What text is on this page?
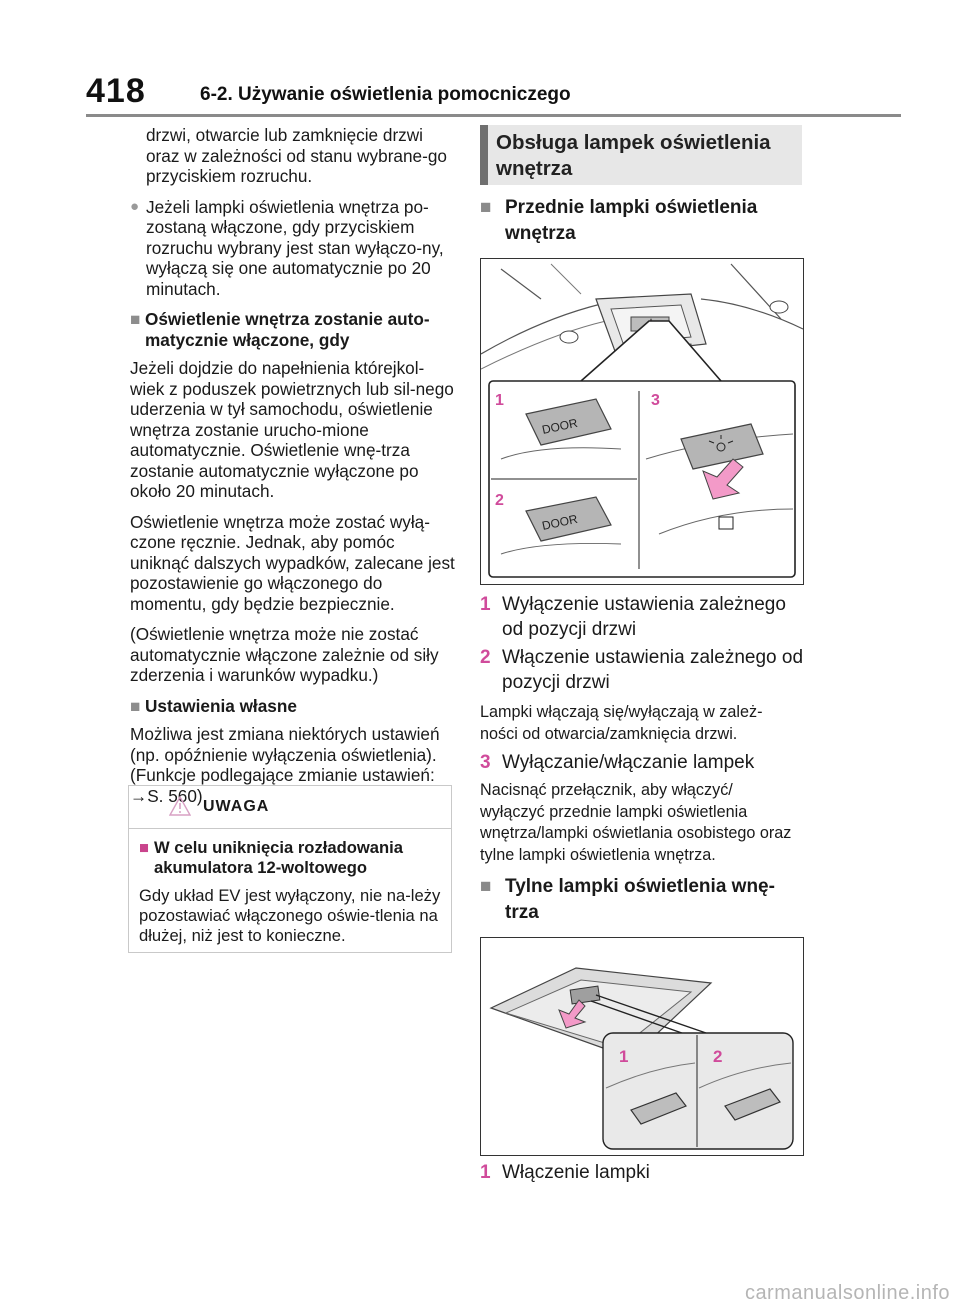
418	6-2. Używanie oświetlenia pomocniczego

drzwi, otwarcie lub zamknięcie drzwi oraz w zależności od stanu wybrane-go przyciskiem rozruchu.

● Jeżeli lampki oświetlenia wnętrza po-zostaną włączone, gdy przyciskiem rozruchu wybrany jest stan wyłączo-ny, wyłączą się one automatycznie po 20 minutach.
■ Oświetlenie wnętrza zostanie auto-matycznie włączone, gdy

Jeżeli dojdzie do napełnienia którejkol-wiek z poduszek powietrznych lub sil-nego uderzenia w tył samochodu, oświetlenie wnętrza zostanie urucho-mione automatycznie. Oświetlenie wnę-trza zostanie automatycznie wyłączone po około 20 minutach.

Oświetlenie wnętrza może zostać wyłą-czone ręcznie. Jednak, aby pomóc uniknąć dalszych wypadków, zalecane jest pozostawienie go włączonego do momentu, gdy będzie bezpiecznie.

(Oświetlenie wnętrza może nie zostać automatycznie włączone zależnie od siły zderzenia i warunków wypadku.)

■ Ustawienia własne

Możliwa jest zmiana niektórych ustawień (np. opóźnienie wyłączenia oświetlenia). (Funkcje podlegające zmianie ustawień: →S. 560)

UWAGA
■ W celu uniknięcia rozładowania akumulatora 12-woltowego
Gdy układ EV jest wyłączony, nie na-leży pozostawiać włączonego oświe-tlenia na dłużej, niż jest to konieczne.
Obsługa lampek oświetlenia wnętrza
■ Przednie lampki oświetlenia wnętrza
1	3
2
DOOR
DOOR
1 Wyłączenie ustawienia zależnego od pozycji drzwi
2 Włączenie ustawienia zależnego od pozycji drzwi
Lampki włączają się/wyłączają w zależ-ności od otwarcia/zamknięcia drzwi.
3 Wyłączanie/włączanie lampek
Nacisnąć przełącznik, aby włączyć/ wyłączyć przednie lampki oświetlenia wnętrza/lampki oświetlania osobistego oraz tylne lampki oświetlenia wnętrza.
■ Tylne lampki oświetlenia wnę-trza
1	2
1 Włączenie lampki
carmanualsonline.info
